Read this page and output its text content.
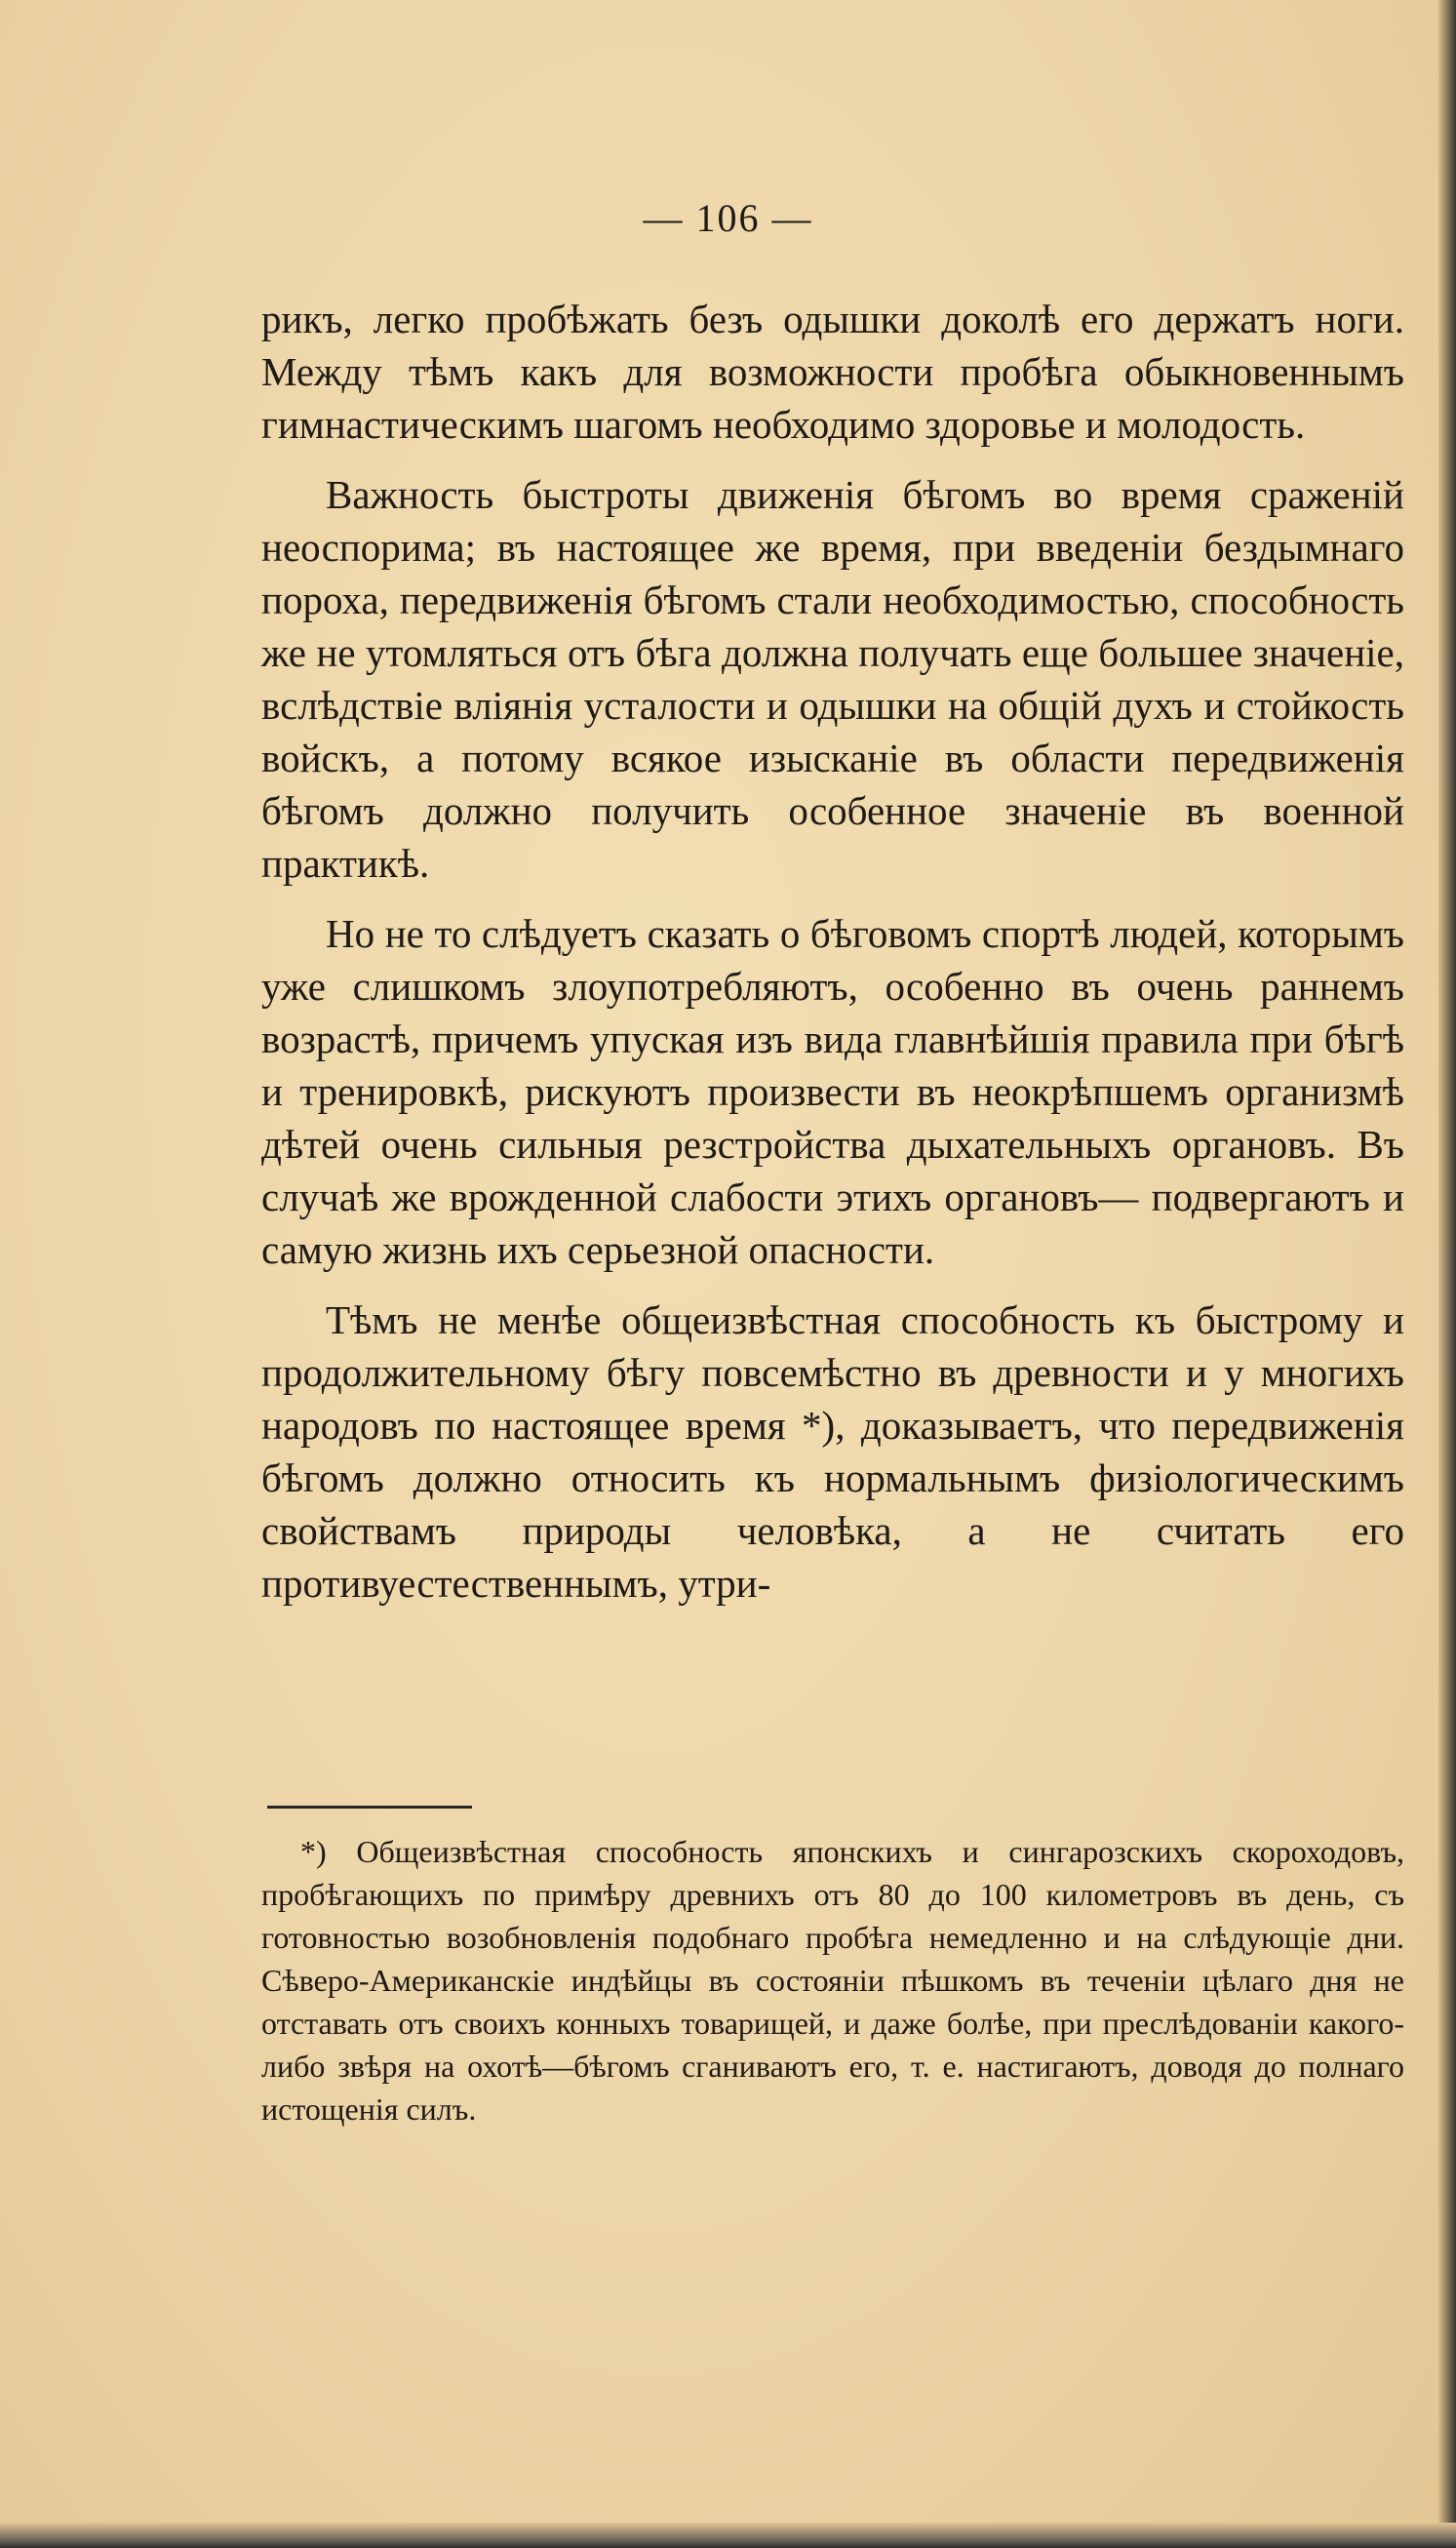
— 106 —

рикъ, легко пробѣжать безъ одышки доколѣ его держатъ ноги. Между тѣмъ какъ для возможности пробѣга обыкновеннымъ гимнастическимъ шагомъ необходимо здоровье и молодость.

Важность быстроты движенiя бѣгомъ во время сраженiй неоспорима; въ настоящее же время, при введенiи бездымнаго пороха, передвиженiя бѣгомъ стали необходимостью, способность же не утомляться отъ бѣга должна получать еще большее значенiе, вслѣдствiе влiянiя усталости и одышки на общiй духъ и стойкость войскъ, а потому всякое изысканiе въ области передвиженiя бѣгомъ должно получить особенное значенiе въ военной практикѣ.

Но не то слѣдуетъ сказать о бѣговомъ спортѣ людей, которымъ уже слишкомъ злоупотребляютъ, особенно въ очень раннемъ возрастѣ, причемъ упуская изъ вида главнѣйшiя правила при бѣгѣ и тренировкѣ, рискуютъ произвести въ неокрѣпшемъ организмѣ дѣтей очень сильныя резстройства дыхательныхъ органовъ. Въ случаѣ же врожденной слабости этихъ органовъ— подвергаютъ и самую жизнь ихъ серьезной опасности.

Тѣмъ не менѣе общеизвѣстная способность къ быстрому и продолжительному бѣгу повсемѣстно въ древности и у многихъ народовъ по настоящее время *), доказываетъ, что передвиженiя бѣгомъ должно относить къ нормальнымъ физiологическимъ свойствамъ природы человѣка, а не считать его противуестественнымъ, утри-

*) Общеизвѣстная способность японскихъ и сингарозскихъ скороходовъ, пробѣгающихъ по примѣру древнихъ отъ 80 до 100 километровъ въ день, съ готовностью возобновленiя подобнаго пробѣга немедленно и на слѣдующiе дни. Сѣверо-Американскiе индѣйцы въ состоянiи пѣшкомъ въ теченiи цѣлаго дня не отставать отъ своихъ конныхъ товарищей, и даже болѣе, при преслѣдованiи какого-либо звѣря на охотѣ—бѣгомъ сганиваютъ его, т. е. настигаютъ, доводя до полнаго истощенiя силъ.
